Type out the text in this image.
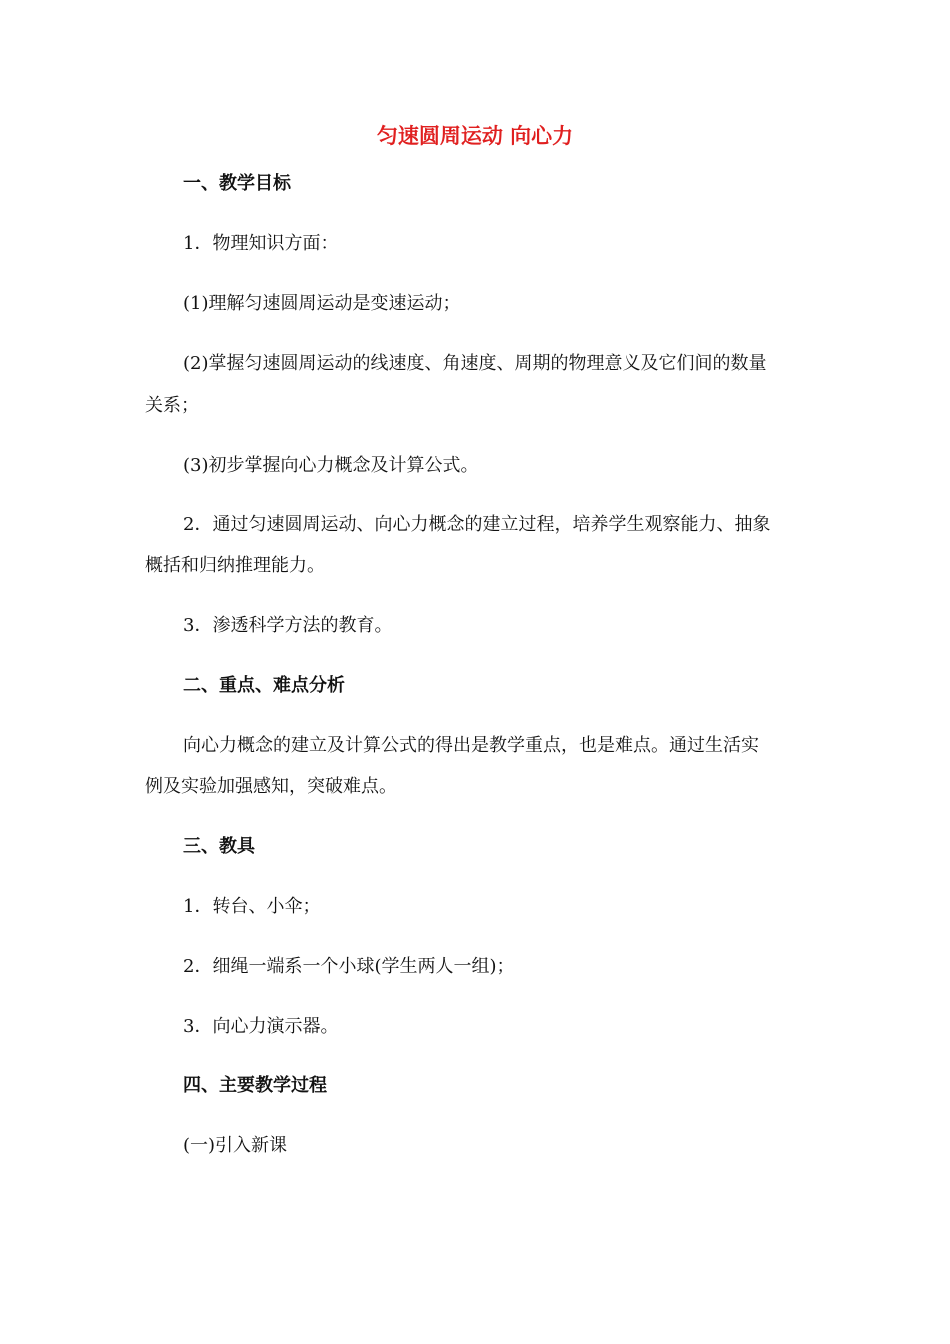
匀速圆周运动 向心力
一、教学目标
1．物理知识方面：
(1)理解匀速圆周运动是变速运动；
(2)掌握匀速圆周运动的线速度、角速度、周期的物理意义及它们间的数量
关系；
(3)初步掌握向心力概念及计算公式。
2．通过匀速圆周运动、向心力概念的建立过程，培养学生观察能力、抽象
概括和归纳推理能力。
3．渗透科学方法的教育。
二、重点、难点分析
向心力概念的建立及计算公式的得出是教学重点，也是难点。通过生活实
例及实验加强感知，突破难点。
三、教具
1．转台、小伞；
2．细绳一端系一个小球(学生两人一组)；
3．向心力演示器。
四、主要教学过程
(一)引入新课
